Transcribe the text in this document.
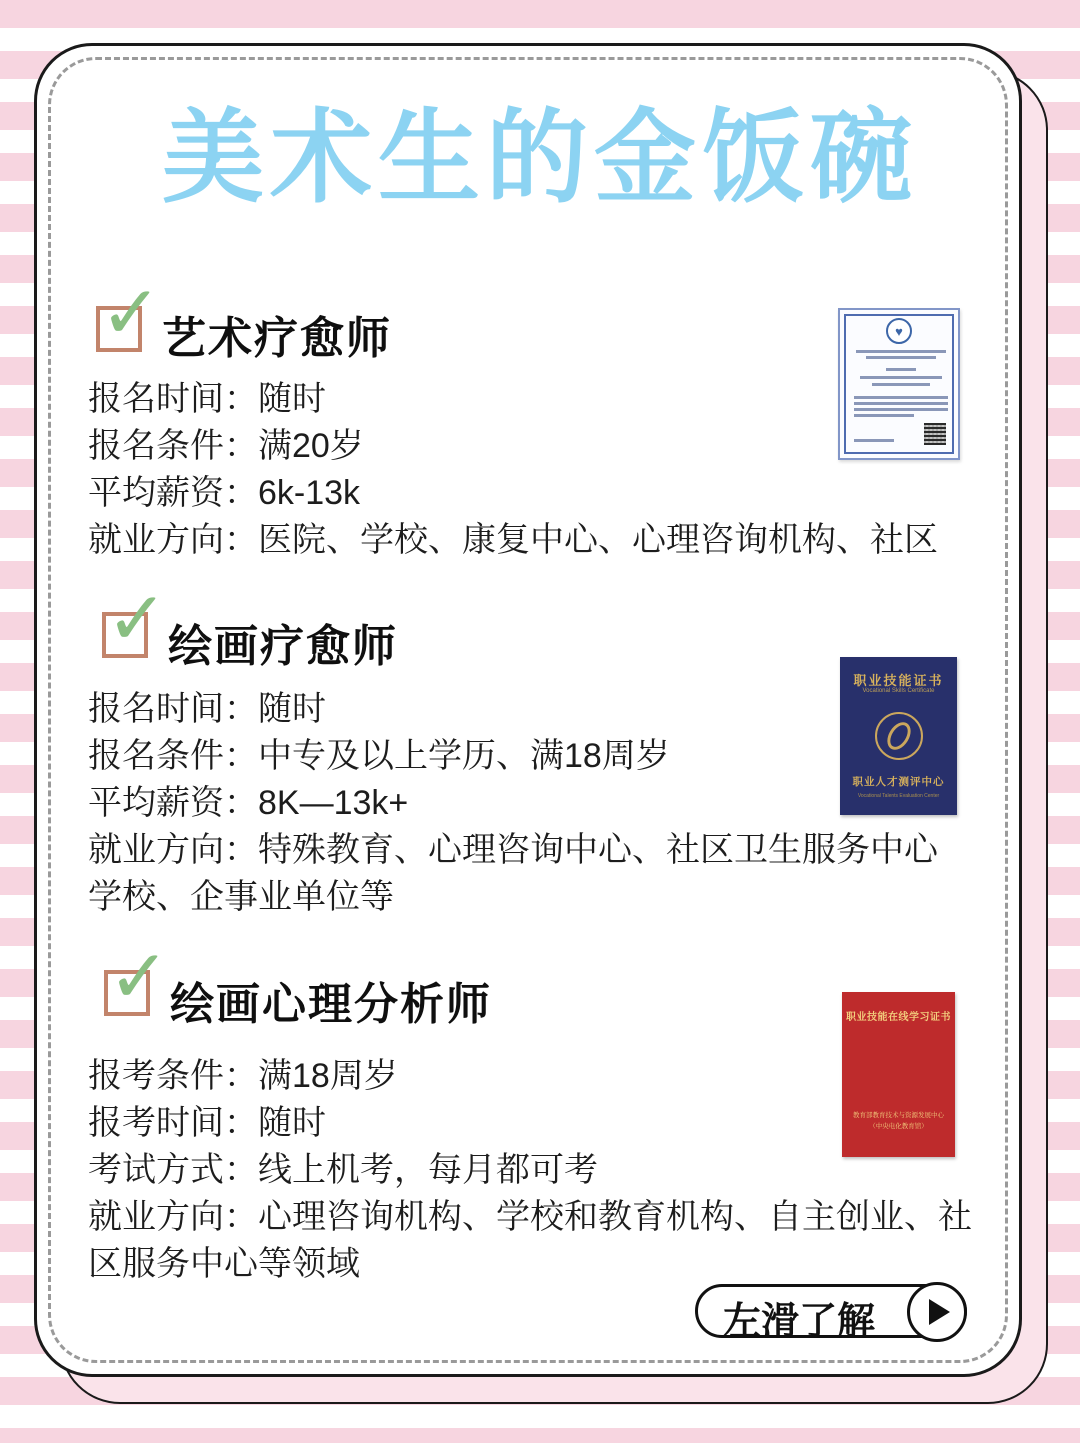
美术生的金饭碗
✓ 艺术疗愈师
报名时间：随时
报名条件：满20岁
平均薪资：6k-13k
就业方向：医院、学校、康复中心、心理咨询机构、社区
✓ 绘画疗愈师
报名时间：随时
报名条件：中专及以上学历、满18周岁
平均薪资：8K—13k+
就业方向：特殊教育、心理咨询中心、社区卫生服务中心
学校、企事业单位等
✓ 绘画心理分析师
报考条件：满18周岁
报考时间：随时
考试方式：线上机考，每月都可考
就业方向：心理咨询机构、学校和教育机构、自主创业、社
区服务中心等领域
♥
职业技能证书
Vocational Skills Certificate
职业人才测评中心
Vocational Talents Evaluation Center
职业技能在线学习证书
教育部教育技术与资源发展中心
（中央电化教育馆）
左滑了解
